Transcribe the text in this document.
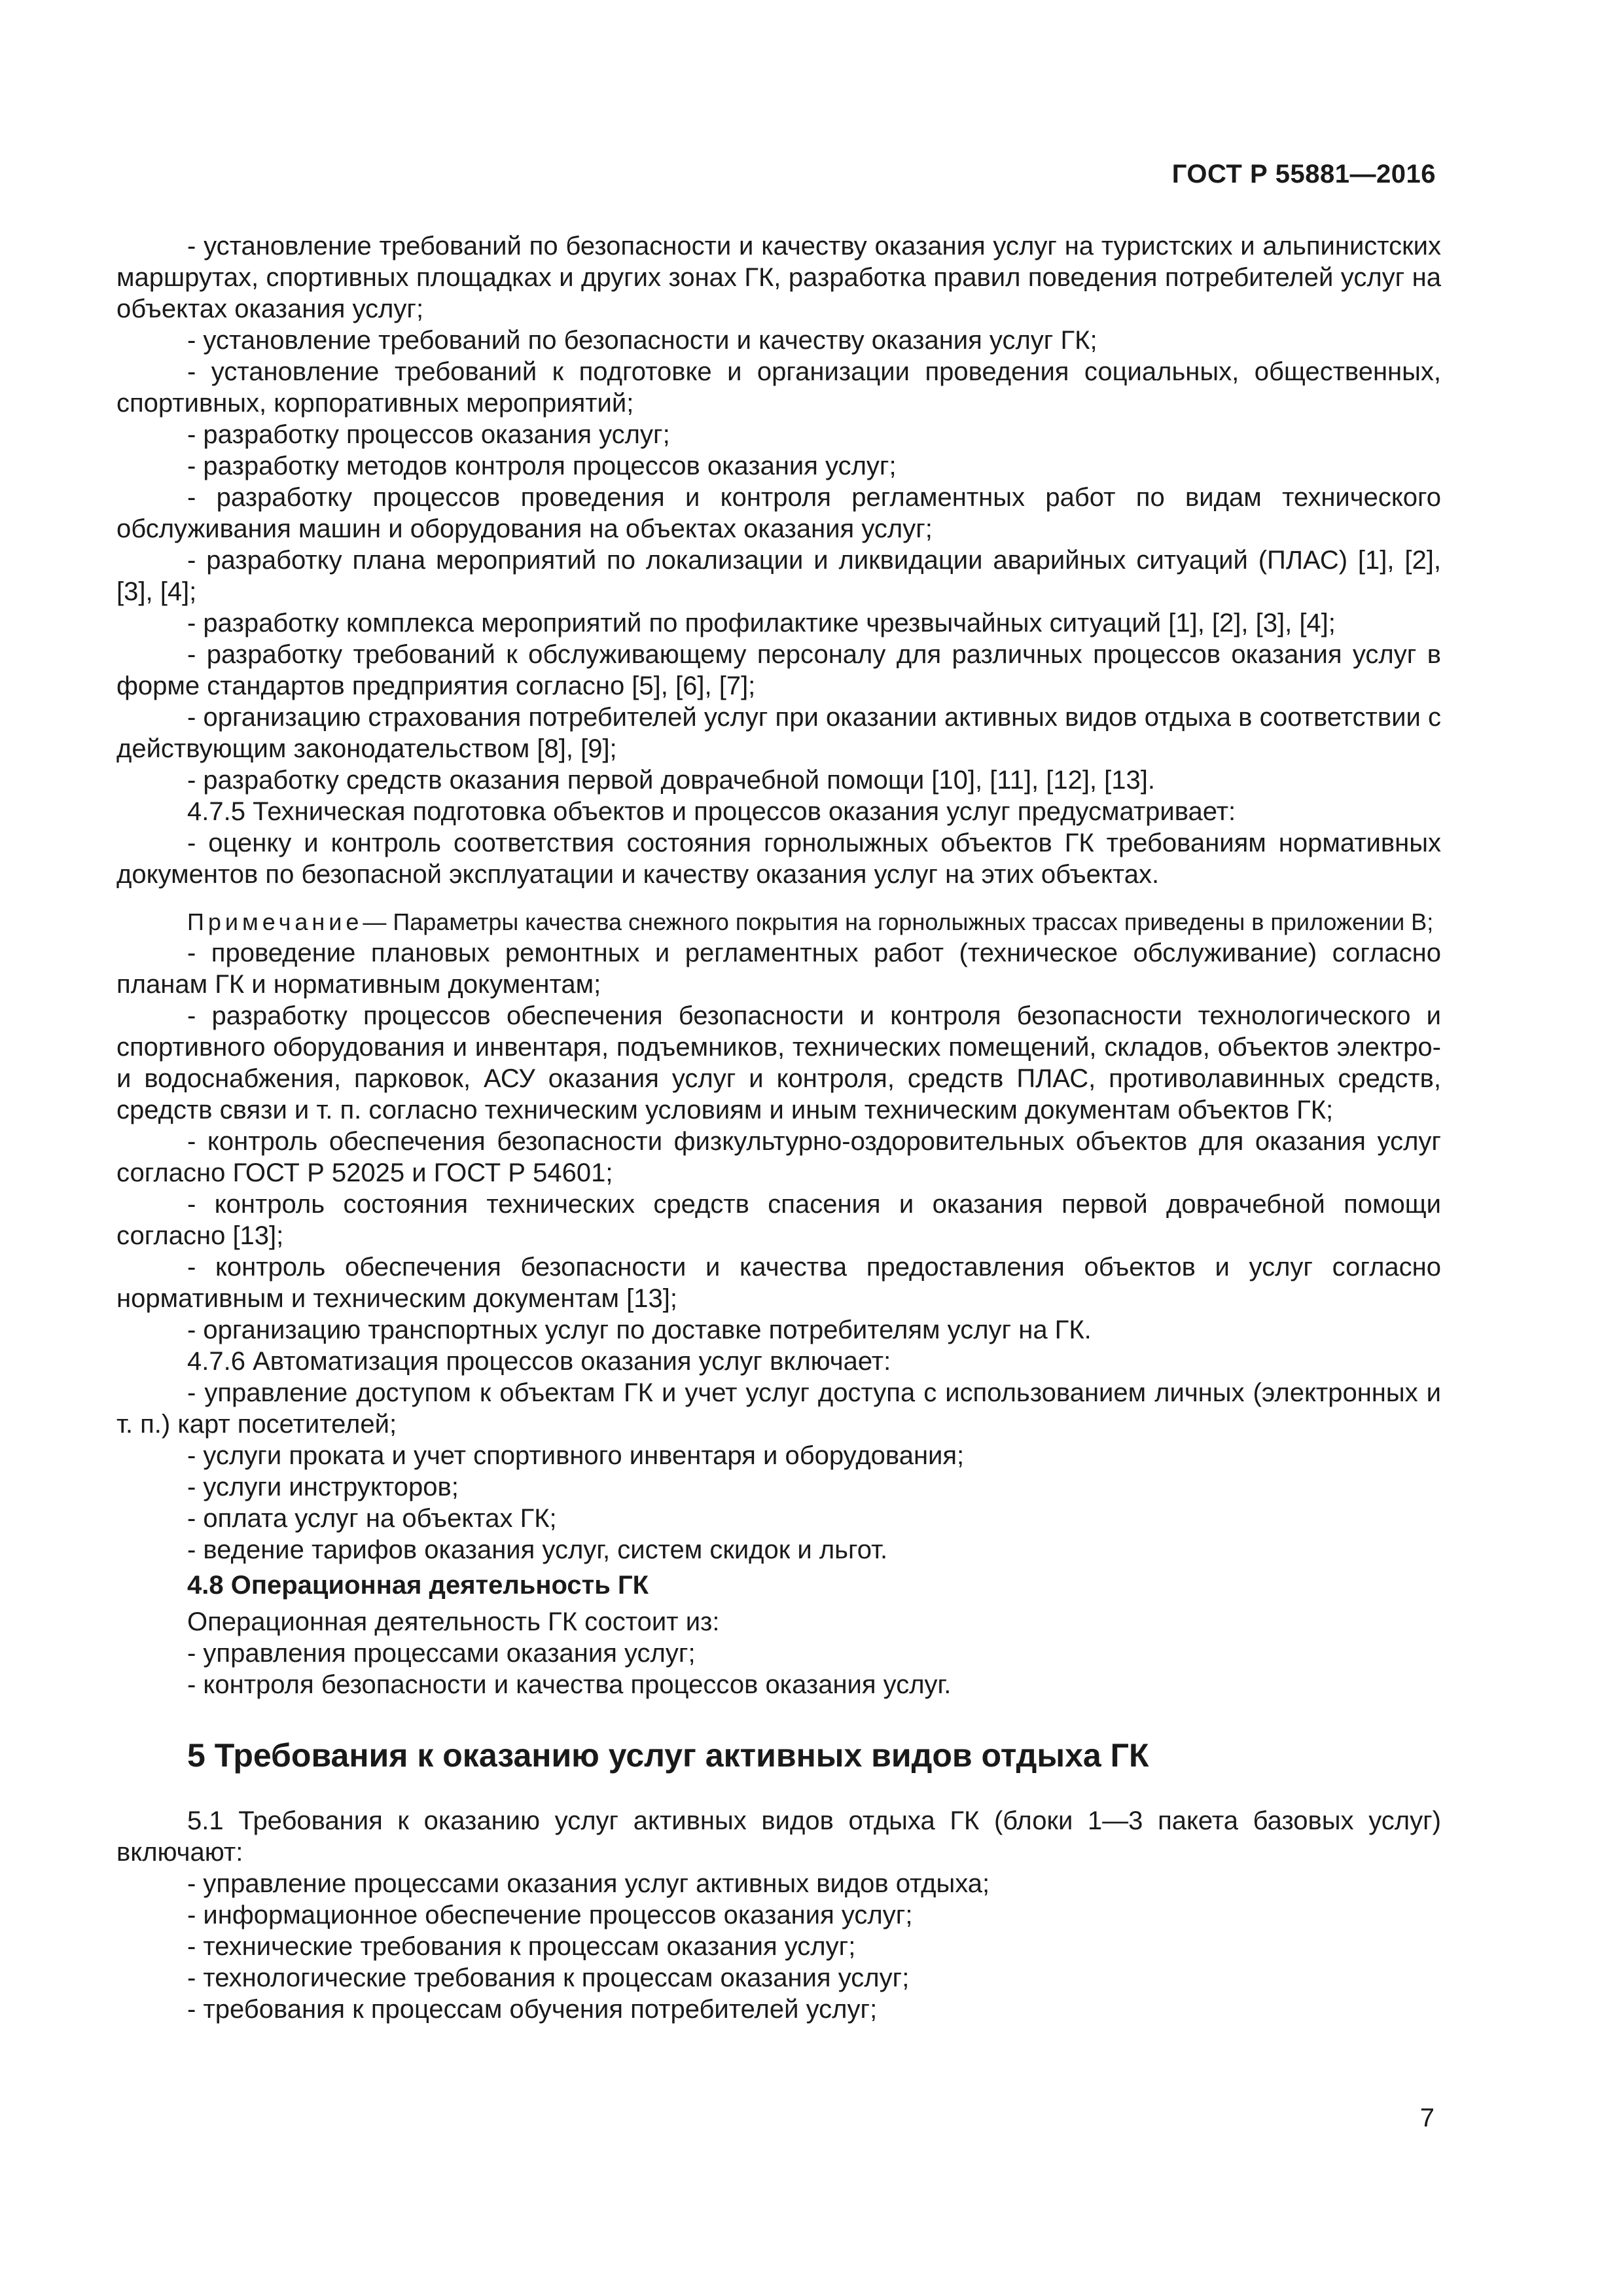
ГОСТ Р 55881—2016

- установление требований по безопасности и качеству оказания услуг на туристских и альпинистских маршрутах, спортивных площадках и других зонах ГК, разработка правил поведения потребителей услуг на объектах оказания услуг;

- установление требований по безопасности и качеству оказания услуг ГК;

- установление требований к подготовке и организации проведения социальных, общественных, спортивных, корпоративных мероприятий;

- разработку процессов оказания услуг;

- разработку методов контроля процессов оказания услуг;

- разработку процессов проведения и контроля регламентных работ по видам технического обслуживания машин и оборудования на объектах оказания услуг;

- разработку плана мероприятий по локализации и ликвидации аварийных ситуаций (ПЛАС) [1], [2], [3], [4];

- разработку комплекса мероприятий по профилактике чрезвычайных ситуаций [1], [2], [3], [4];

- разработку требований к обслуживающему персоналу для различных процессов оказания услуг в форме стандартов предприятия согласно [5], [6], [7];

- организацию страхования потребителей услуг при оказании активных видов отдыха в соответствии с действующим законодательством [8], [9];

- разработку средств оказания первой доврачебной помощи [10], [11], [12], [13].

4.7.5 Техническая подготовка объектов и процессов оказания услуг предусматривает:

- оценку и контроль соответствия состояния горнолыжных объектов ГК требованиям нормативных документов по безопасной эксплуатации и качеству оказания услуг на этих объектах.

Примечание— Параметры качества снежного покрытия на горнолыжных трассах приведены в приложении В;

- проведение плановых ремонтных и регламентных работ (техническое обслуживание) согласно планам ГК и нормативным документам;

- разработку процессов обеспечения безопасности и контроля безопасности технологического и спортивного оборудования и инвентаря, подъемников, технических помещений, складов, объектов электро- и водоснабжения, парковок, АСУ оказания услуг и контроля, средств ПЛАС, противолавинных средств, средств связи и т. п. согласно техническим условиям и иным техническим документам объектов ГК;

- контроль обеспечения безопасности физкультурно-оздоровительных объектов для оказания услуг согласно ГОСТ Р 52025 и ГОСТ Р 54601;

- контроль состояния технических средств спасения и оказания первой доврачебной помощи согласно [13];

- контроль обеспечения безопасности и качества предоставления объектов и услуг согласно нормативным и техническим документам [13];

- организацию транспортных услуг по доставке потребителям услуг на ГК.

4.7.6 Автоматизация процессов оказания услуг включает:

- управление доступом к объектам ГК и учет услуг доступа с использованием личных (электронных и т. п.) карт посетителей;

- услуги проката и учет спортивного инвентаря и оборудования;

- услуги инструкторов;

- оплата услуг на объектах ГК;

- ведение тарифов оказания услуг, систем скидок и льгот.

4.8 Операционная деятельность ГК

Операционная деятельность ГК состоит из:

- управления процессами оказания услуг;

- контроля безопасности и качества процессов оказания услуг.

5 Требования к оказанию услуг активных видов отдыха ГК

5.1 Требования к оказанию услуг активных видов отдыха ГК (блоки 1—3 пакета базовых услуг) включают:

- управление процессами оказания услуг активных видов отдыха;

- информационное обеспечение процессов оказания услуг;

- технические требования к процессам оказания услуг;

- технологические требования к процессам оказания услуг;

- требования к процессам обучения потребителей услуг;

7
